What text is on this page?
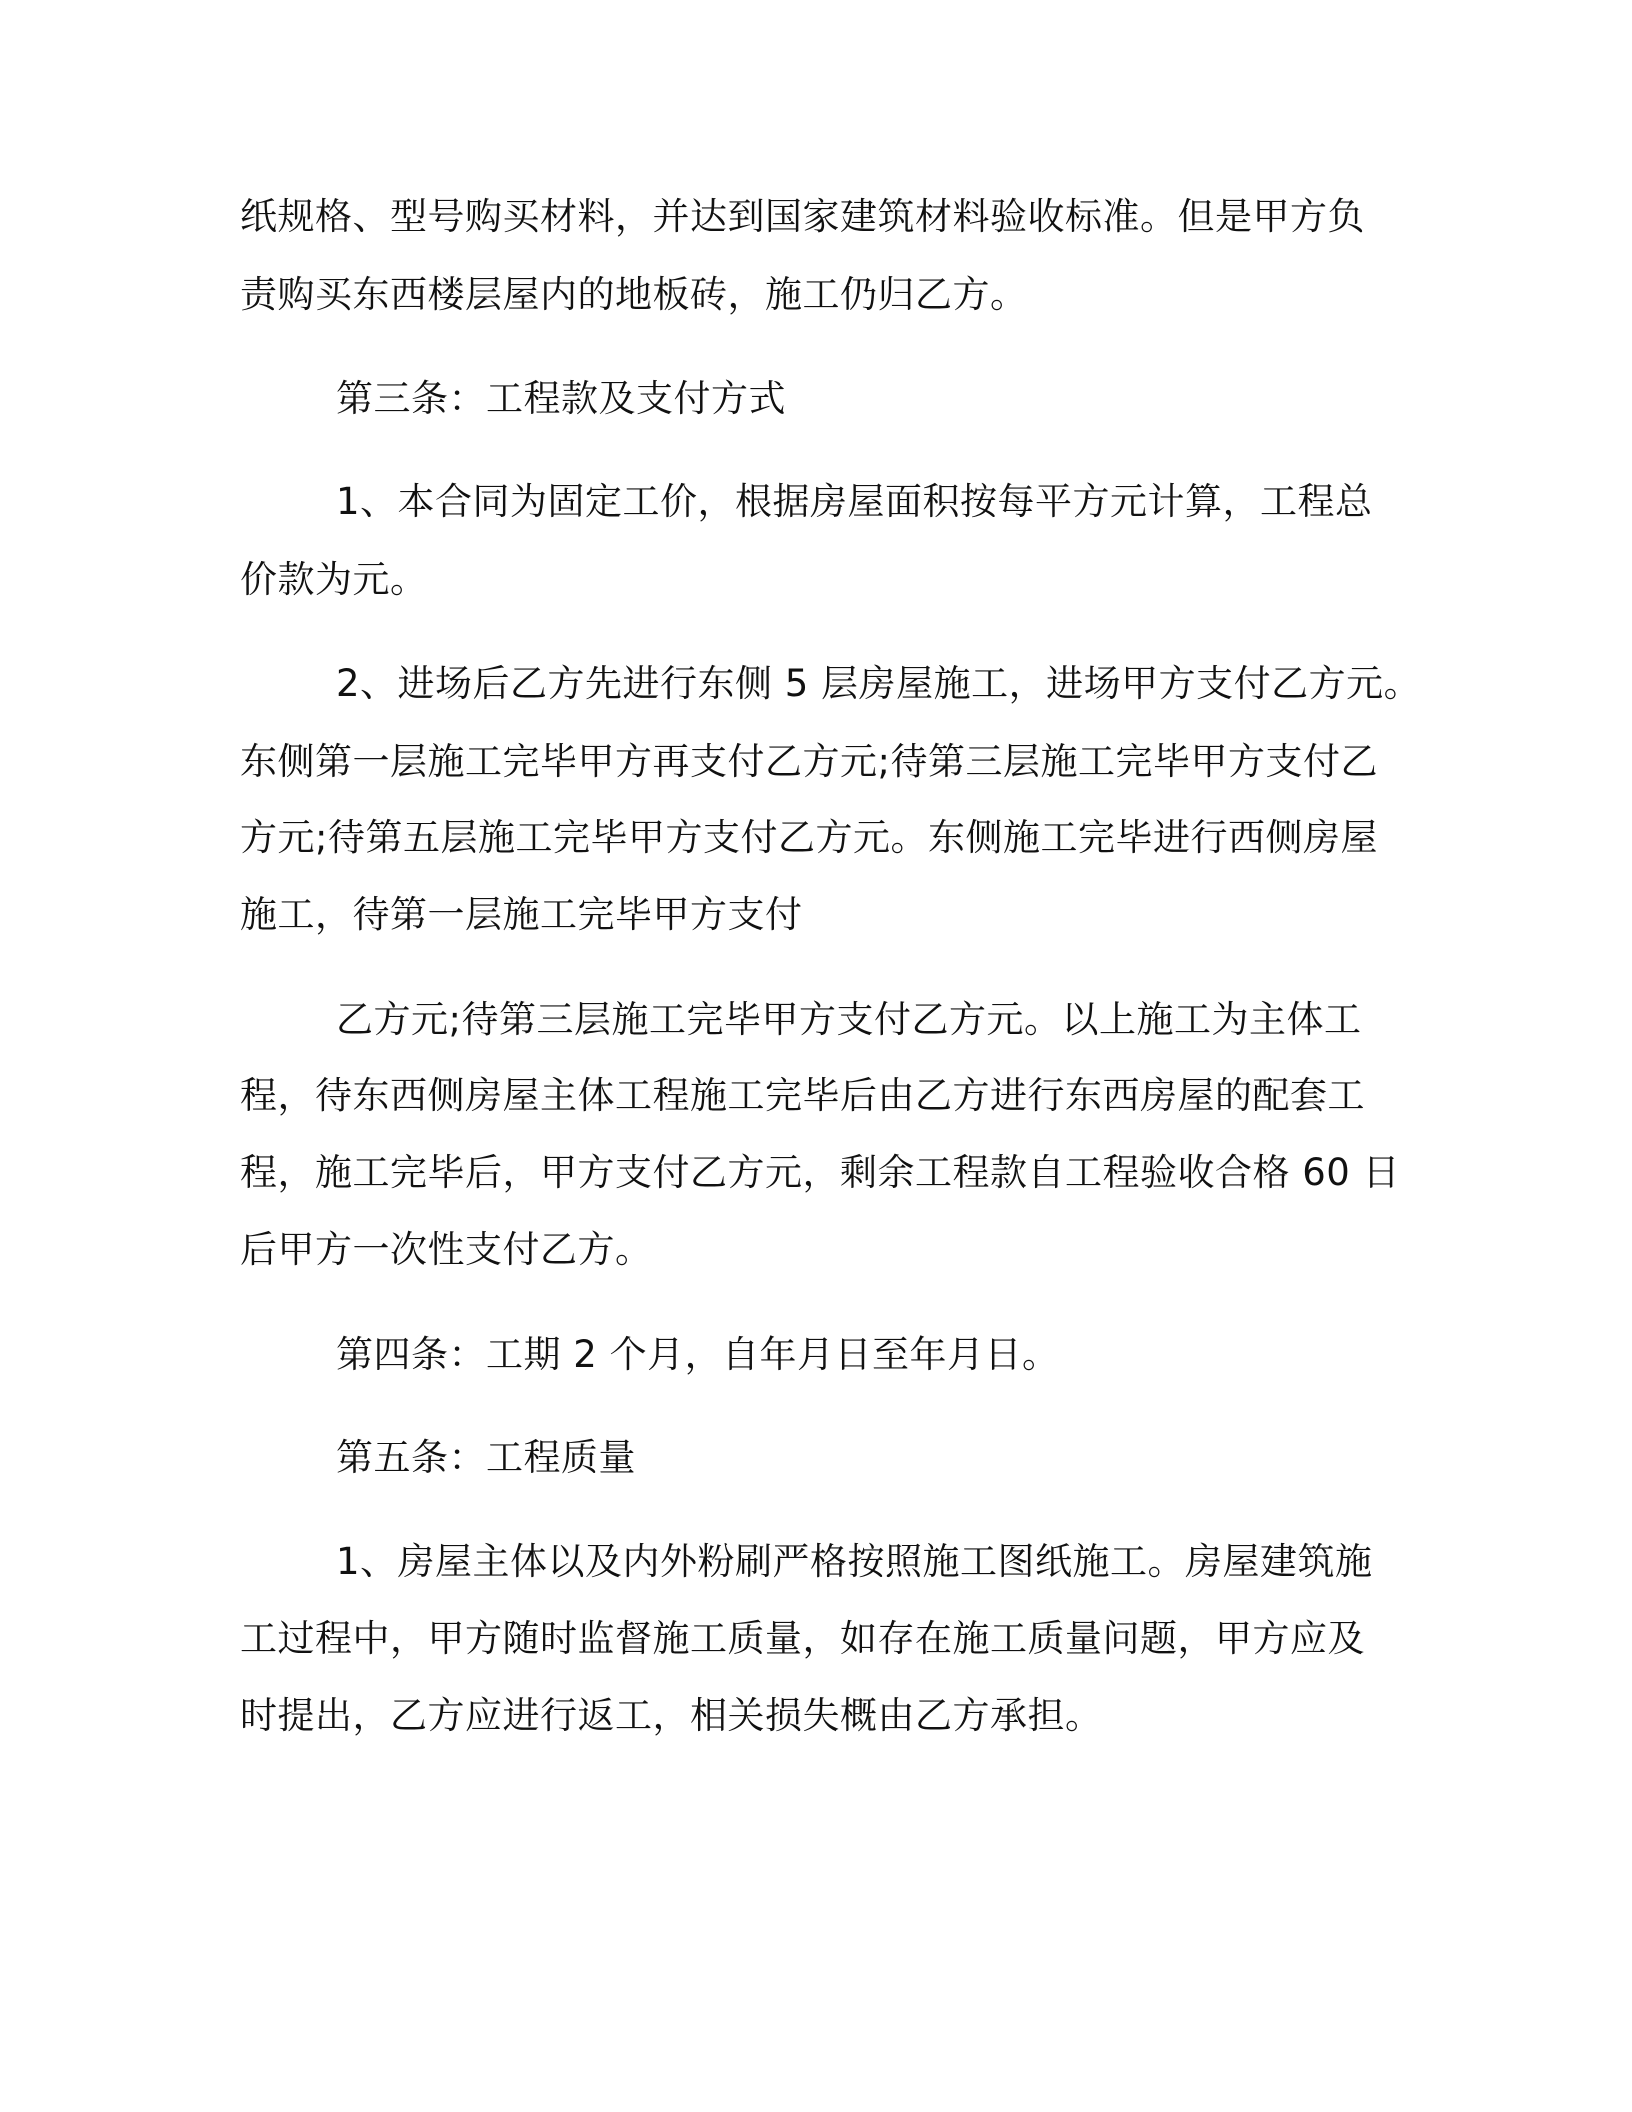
纸规格、型号购买材料，并达到国家建筑材料验收标准。但是甲方负

责购买东西楼层屋内的地板砖，施工仍归乙方。

第三条：工程款及支付方式

1、本合同为固定工价，根据房屋面积按每平方元计算，工程总

价款为元。

2、进场后乙方先进行东侧 5 层房屋施工，进场甲方支付乙方元。

东侧第一层施工完毕甲方再支付乙方元;待第三层施工完毕甲方支付乙

方元;待第五层施工完毕甲方支付乙方元。东侧施工完毕进行西侧房屋

施工，待第一层施工完毕甲方支付

乙方元;待第三层施工完毕甲方支付乙方元。以上施工为主体工

程，待东西侧房屋主体工程施工完毕后由乙方进行东西房屋的配套工

程，施工完毕后，甲方支付乙方元，剩余工程款自工程验收合格 60 日

后甲方一次性支付乙方。

第四条：工期 2 个月，自年月日至年月日。

第五条：工程质量

1、房屋主体以及内外粉刷严格按照施工图纸施工。房屋建筑施

工过程中，甲方随时监督施工质量，如存在施工质量问题，甲方应及

时提出，乙方应进行返工，相关损失概由乙方承担。
